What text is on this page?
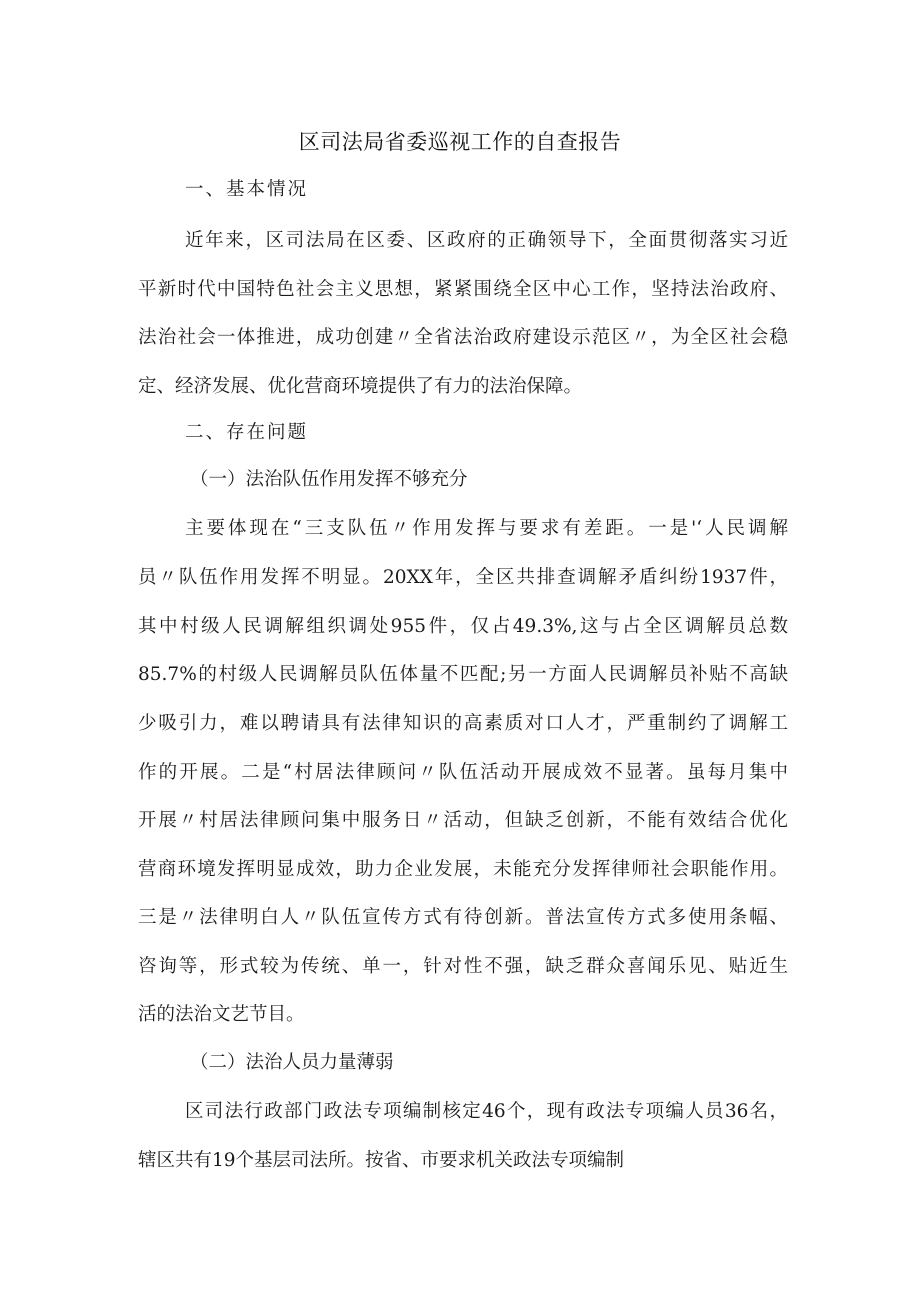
区司法局省委巡视工作的自查报告
一、基本情况
近年来，区司法局在区委、区政府的正确领导下，全面贯彻落实习近
平新时代中国特色社会主义思想，紧紧围绕全区中心工作，坚持法治政府、
法治社会一体推进，成功创建〃全省法治政府建设示范区〃，为全区社会稳
定、经济发展、优化营商环境提供了有力的法治保障。
二、存在问题
（一）法治队伍作用发挥不够充分
主要体现在“三支队伍〃作用发挥与要求有差距。一是'‘人民调解
员〃队伍作用发挥不明显。20XX年，全区共排查调解矛盾纠纷1937件，
其中村级人民调解组织调处955件，仅占49.3%,这与占全区调解员总数
85.7%的村级人民调解员队伍体量不匹配;另一方面人民调解员补贴不高缺
少吸引力，难以聘请具有法律知识的高素质对口人才，严重制约了调解工
作的开展。二是“村居法律顾问〃队伍活动开展成效不显著。虽每月集中
开展〃村居法律顾问集中服务日〃活动，但缺乏创新，不能有效结合优化
营商环境发挥明显成效，助力企业发展，未能充分发挥律师社会职能作用。
三是〃法律明白人〃队伍宣传方式有待创新。普法宣传方式多使用条幅、
咨询等，形式较为传统、单一，针对性不强，缺乏群众喜闻乐见、贴近生
活的法治文艺节目。
（二）法治人员力量薄弱
区司法行政部门政法专项编制核定46个，现有政法专项编人员36名，
辖区共有19个基层司法所。按省、市要求机关政法专项编制
